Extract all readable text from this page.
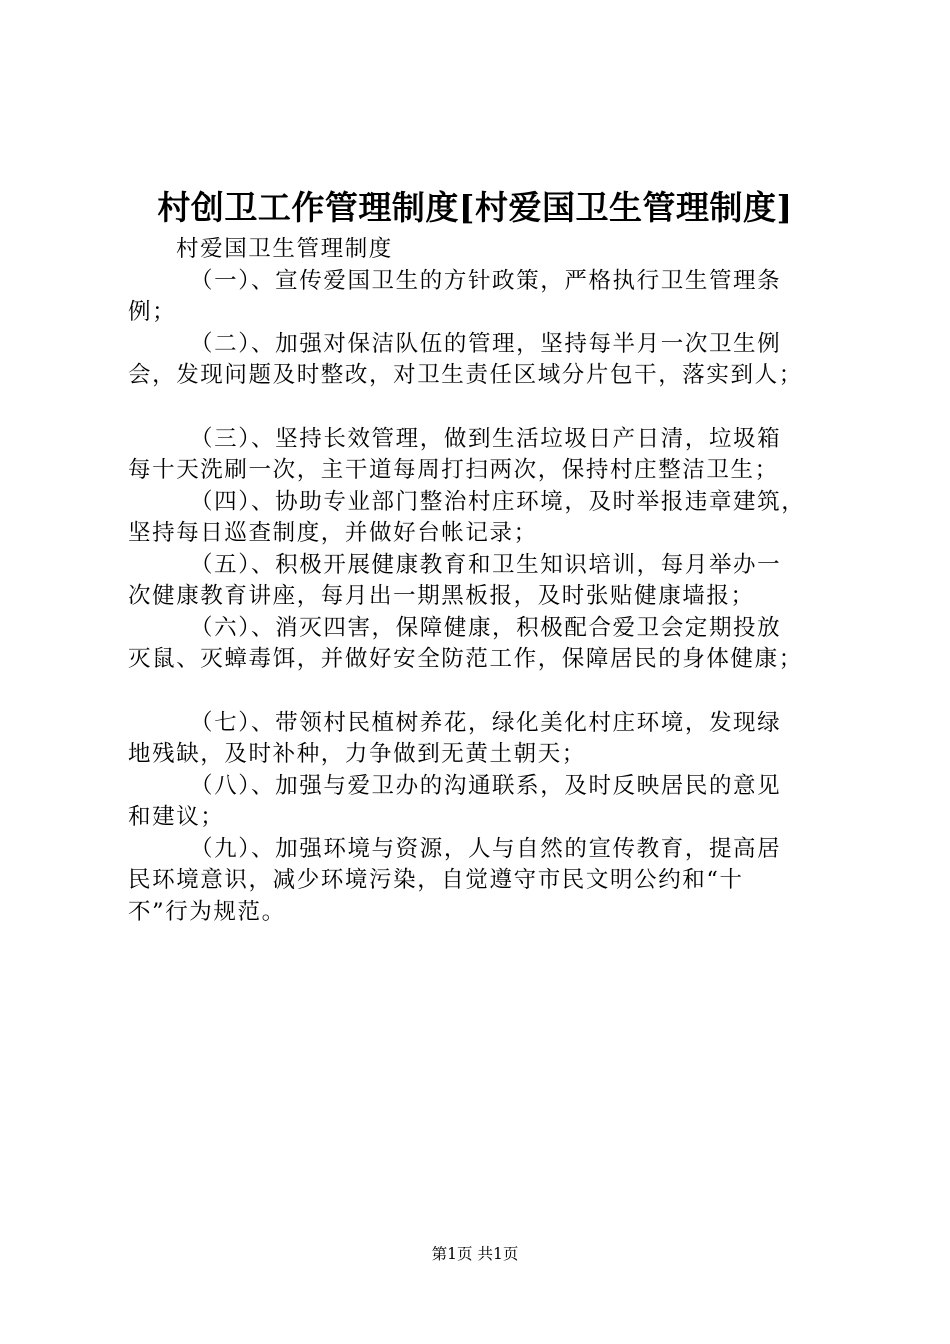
村创卫工作管理制度[村爱国卫生管理制度]

村爱国卫生管理制度

（一）、宣传爱国卫生的方针政策，严格执行卫生管理条
例；

（二）、加强对保洁队伍的管理，坚持每半月一次卫生例
会，发现问题及时整改，对卫生责任区域分片包干，落实到人；

（三）、坚持长效管理，做到生活垃圾日产日清，垃圾箱
每十天洗刷一次，主干道每周打扫两次，保持村庄整洁卫生；

（四）、协助专业部门整治村庄环境，及时举报违章建筑，
坚持每日巡查制度，并做好台帐记录；

（五）、积极开展健康教育和卫生知识培训，每月举办一
次健康教育讲座，每月出一期黑板报，及时张贴健康墙报；

（六）、消灭四害，保障健康，积极配合爱卫会定期投放
灭鼠、灭蟑毒饵，并做好安全防范工作，保障居民的身体健康；

（七）、带领村民植树养花，绿化美化村庄环境，发现绿
地残缺，及时补种，力争做到无黄土朝天；

（八）、加强与爱卫办的沟通联系，及时反映居民的意见
和建议；

（九）、加强环境与资源，人与自然的宣传教育，提高居
民环境意识，减少环境污染，自觉遵守市民文明公约和“十
不”行为规范。

第1页 共1页
